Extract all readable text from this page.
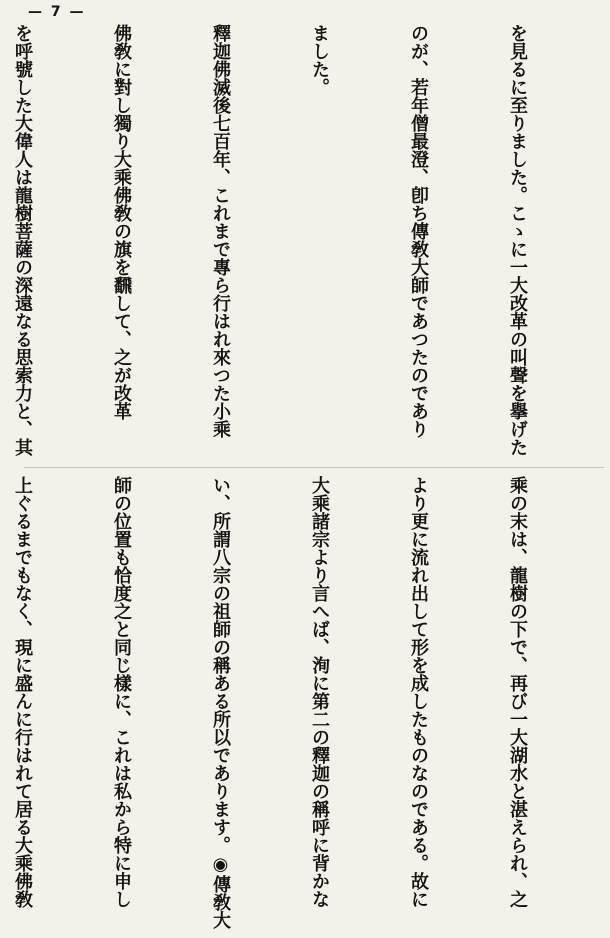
— 7 —

を見るに至りました。こゝに一大改革の叫聲を擧げた

のが、若年僧最澄、卽ち傳敎大師であつたのであり

ました。

釋迦佛滅後七百年、これまで專ら行はれ來つた小乘

佛敎に對し獨り大乘佛敎の旗を飜して、之が改革

を呼號した大偉人は龍樹菩薩の深遠なる思索力と、其

乘の末は、龍樹の下で、再び一大湖水と湛えられ、之

より更に流れ出して形を成したものなのである。故に

大乘諸宗より言へば、洵に第二の釋迦の稱呼に背かな

い、所謂八宗の祖師の稱ある所以であります。◉傳敎大

師の位置も恰度之と同じ樣に、これは私から特に申し

上ぐるまでもなく、現に盛んに行はれて居る大乘佛敎
